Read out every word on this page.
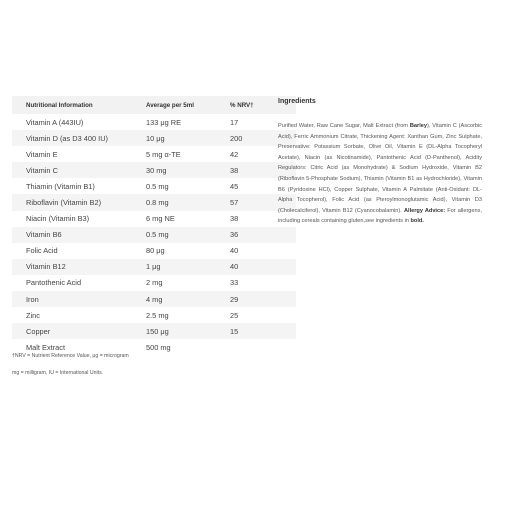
Nutritional Information	Average per 5ml	% NRV†
Vitamin A (443IU)	133 μg RE	17
Vitamin D (as D3 400 IU)	10 μg	200
Vitamin E	5 mg α-TE	42
Vitamin C	30 mg	38
Thiamin (Vitamin B1)	0.5 mg	45
Riboflavin (Vitamin B2)	0.8 mg	57
Niacin (Vitamin B3)	6 mg NE	38
Vitamin B6	0.5 mg	36
Folic Acid	80 μg	40
Vitamin B12	1 μg	40
Pantothenic Acid	2 mg	33
Iron	4 mg	29
Zinc	2.5 mg	25
Copper	150 μg	15
Malt Extract	500 mg

†NRV = Nutrient Reference Value, μg = microgram

mg = milligram, IU = International Units.

Ingredients

Purified Water, Raw Cane Sugar, Malt Extract (from Barley), Vitamin C (Ascorbic Acid), Ferric Ammonium Citrate, Thickening Agent: Xanthan Gum, Zinc Sulphate, Preservative: Potassium Sorbate, Olive Oil, Vitamin E (DL-Alpha Tocopheryl Acetate), Niacin (as Nicotinamide), Pantothenic Acid (D-Panthenol), Acidity Regulators: Citric Acid (as Monohydrate) & Sodium Hydroxide, Vitamin B2 (Riboflavin 5-Phosphate Sodium), Thiamin (Vitamin B1 as Hydrochloride), Vitamin B6 (Pyridoxine HCl), Copper Sulphate, Vitamin A Palmitate (Anti-Oxidant: DL-Alpha Tocopherol), Folic Acid (as Pteroylmonoglutamic Acid), Vitamin D3 (Cholecalciferol), Vitamin B12 (Cyanocobalamin). Allergy Advice: For allergens, including cereals containing gluten,see ingredients in bold.
